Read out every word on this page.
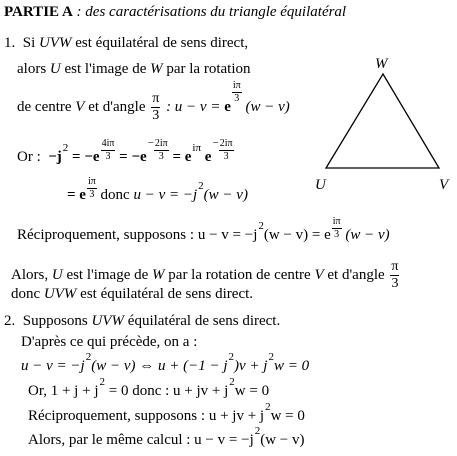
PARTIE A : des caractérisations du triangle équilatéral
1. Si UVW est équilatéral de sens direct,
alors U est l'image de W par la rotation
de centre V et d'angle $\frac{\pi}{3}$ : u − v = e
$\frac{i\pi}{3}$
(w − v)
Or : $-j2 = -e \frac{4i\pi}{3} = -e- \frac{2i\pi}{3} = ei\pi$ $e- \frac{2i\pi}{3}$
= e $\frac{i\pi}{3}$ donc u − v = −j2(w − v)
Réciproquement, supposons : u − v = −j2(w − v) = e $\frac{i\pi}{3} (w - v)$
Alors, U est l'image de W par la rotation de centre V et d'angle $\frac{\pi}{3}$
donc UVW est équilatéral de sens direct.
2. Supposons UVW équilatéral de sens direct.
D'après ce qui précède, on a :
u − v = −j2(w − v) ⇔ u + (−1 − j2)v + j2w = 0
Or, 1 + j + j2 = 0 donc : u + jv + j2w = 0
Réciproquement, supposons : u + jv + j2w = 0
Alors, par le même calcul : u − v = −j2(w − v)
W
U	V
